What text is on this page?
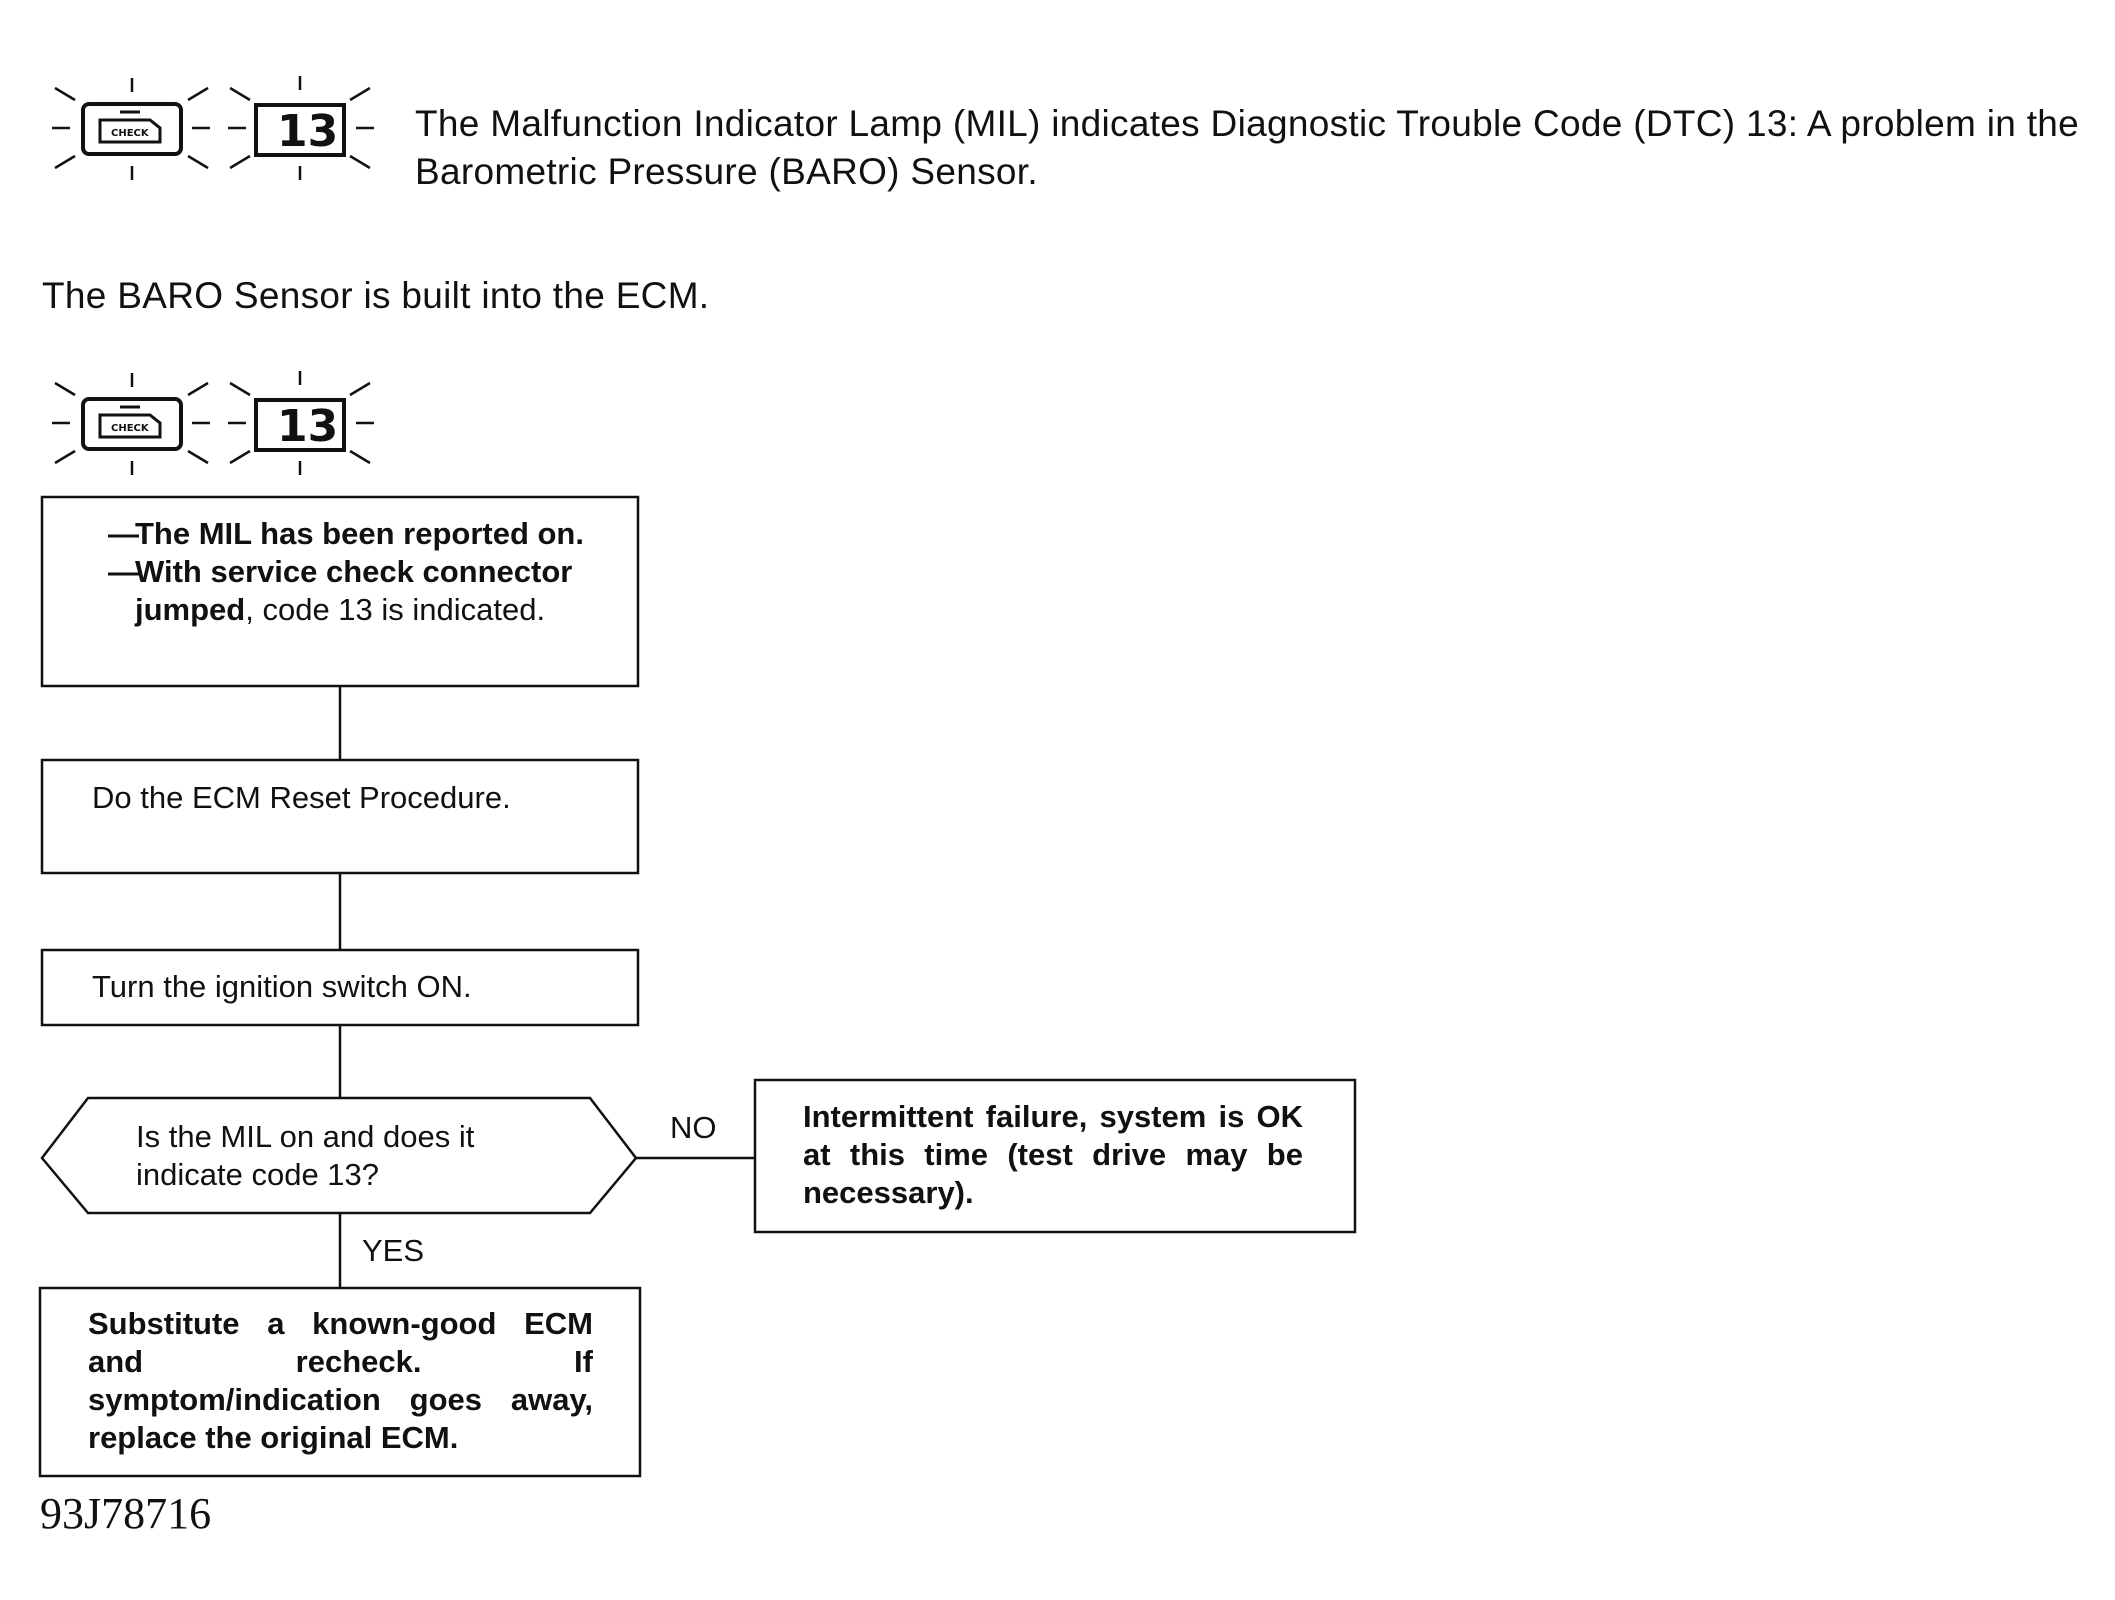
The Malfunction Indicator Lamp (MIL) indicates Diagnostic Trouble Code (DTC) 13: A problem in the Barometric Pressure (BARO) Sensor.
The BARO Sensor is built into the ECM.
CHECK	13
CHECK	13
—
The MIL has been reported on.
—
With service check connector
jumped, code 13 is indicated.
Do the ECM Reset Procedure.
Turn the ignition switch ON.
Is the MIL on and does it indicate code 13?
Intermittent failure, system is OK at this time (test drive may be necessary).
Substitute a known-good ECM and recheck. If symptom/indication goes away, replace the original ECM.
NO
YES
93J78716
